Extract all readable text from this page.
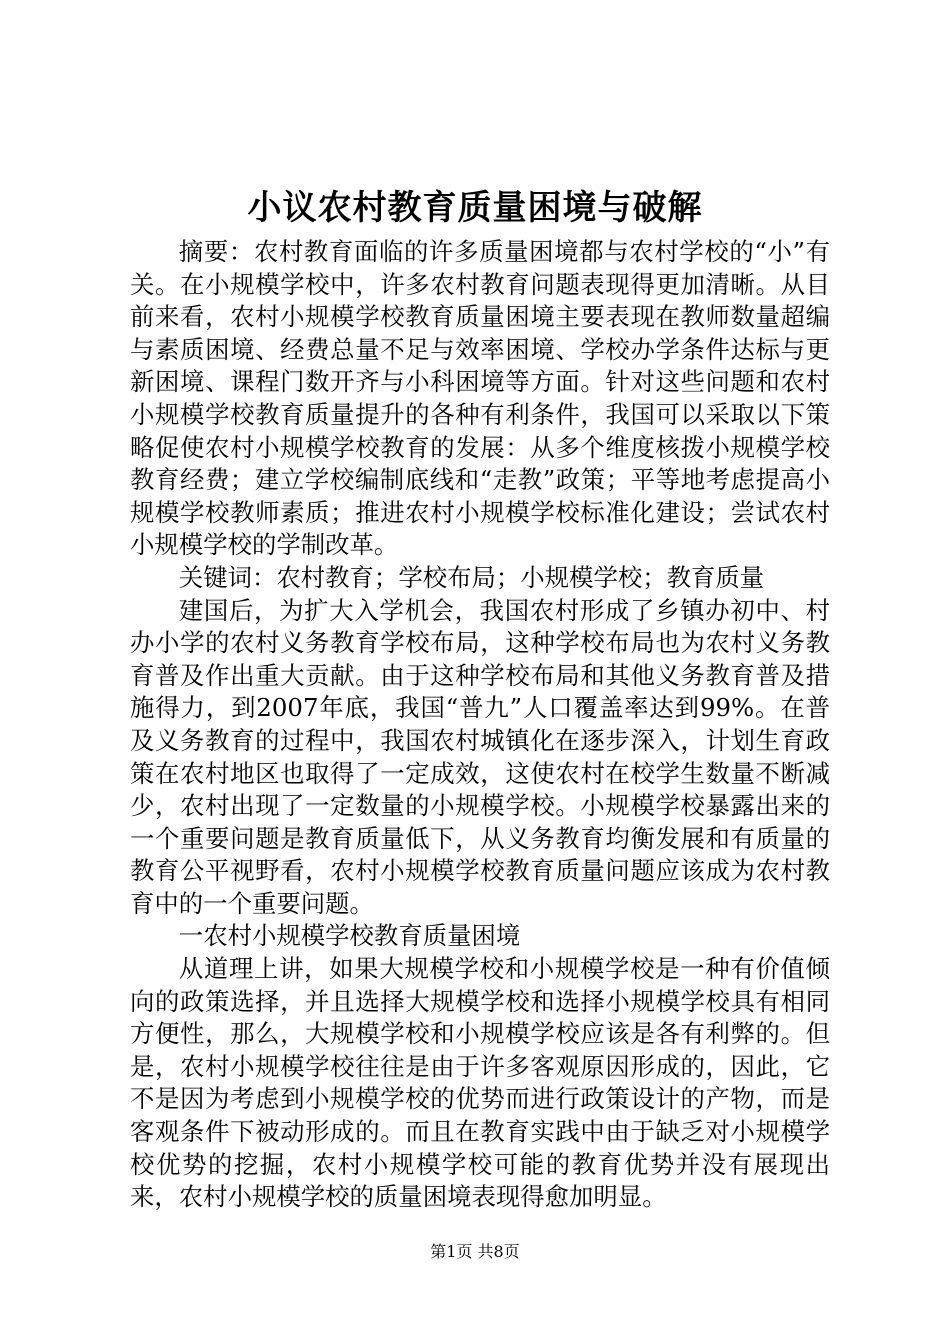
小议农村教育质量困境与破解

摘要：农村教育面临的许多质量困境都与农村学校的“小”有关。在小规模学校中，许多农村教育问题表现得更加清晰。从目前来看，农村小规模学校教育质量困境主要表现在教师数量超编与素质困境、经费总量不足与效率困境、学校办学条件达标与更新困境、课程门数开齐与小科困境等方面。针对这些问题和农村小规模学校教育质量提升的各种有利条件，我国可以采取以下策略促使农村小规模学校教育的发展：从多个维度核拨小规模学校教育经费；建立学校编制底线和“走教”政策；平等地考虑提高小规模学校教师素质；推进农村小规模学校标准化建设；尝试农村小规模学校的学制改革。

关键词：农村教育；学校布局；小规模学校；教育质量

建国后，为扩大入学机会，我国农村形成了乡镇办初中、村办小学的农村义务教育学校布局，这种学校布局也为农村义务教育普及作出重大贡献。由于这种学校布局和其他义务教育普及措施得力，到2007年底，我国“普九”人口覆盖率达到99%。在普及义务教育的过程中，我国农村城镇化在逐步深入，计划生育政策在农村地区也取得了一定成效，这使农村在校学生数量不断减少，农村出现了一定数量的小规模学校。小规模学校暴露出来的一个重要问题是教育质量低下，从义务教育均衡发展和有质量的教育公平视野看，农村小规模学校教育质量问题应该成为农村教育中的一个重要问题。

一农村小规模学校教育质量困境

从道理上讲，如果大规模学校和小规模学校是一种有价值倾向的政策选择，并且选择大规模学校和选择小规模学校具有相同方便性，那么，大规模学校和小规模学校应该是各有利弊的。但是，农村小规模学校往往是由于许多客观原因形成的，因此，它不是因为考虑到小规模学校的优势而进行政策设计的产物，而是客观条件下被动形成的。而且在教育实践中由于缺乏对小规模学校优势的挖掘，农村小规模学校可能的教育优势并没有展现出来，农村小规模学校的质量困境表现得愈加明显。

第1页 共8页
